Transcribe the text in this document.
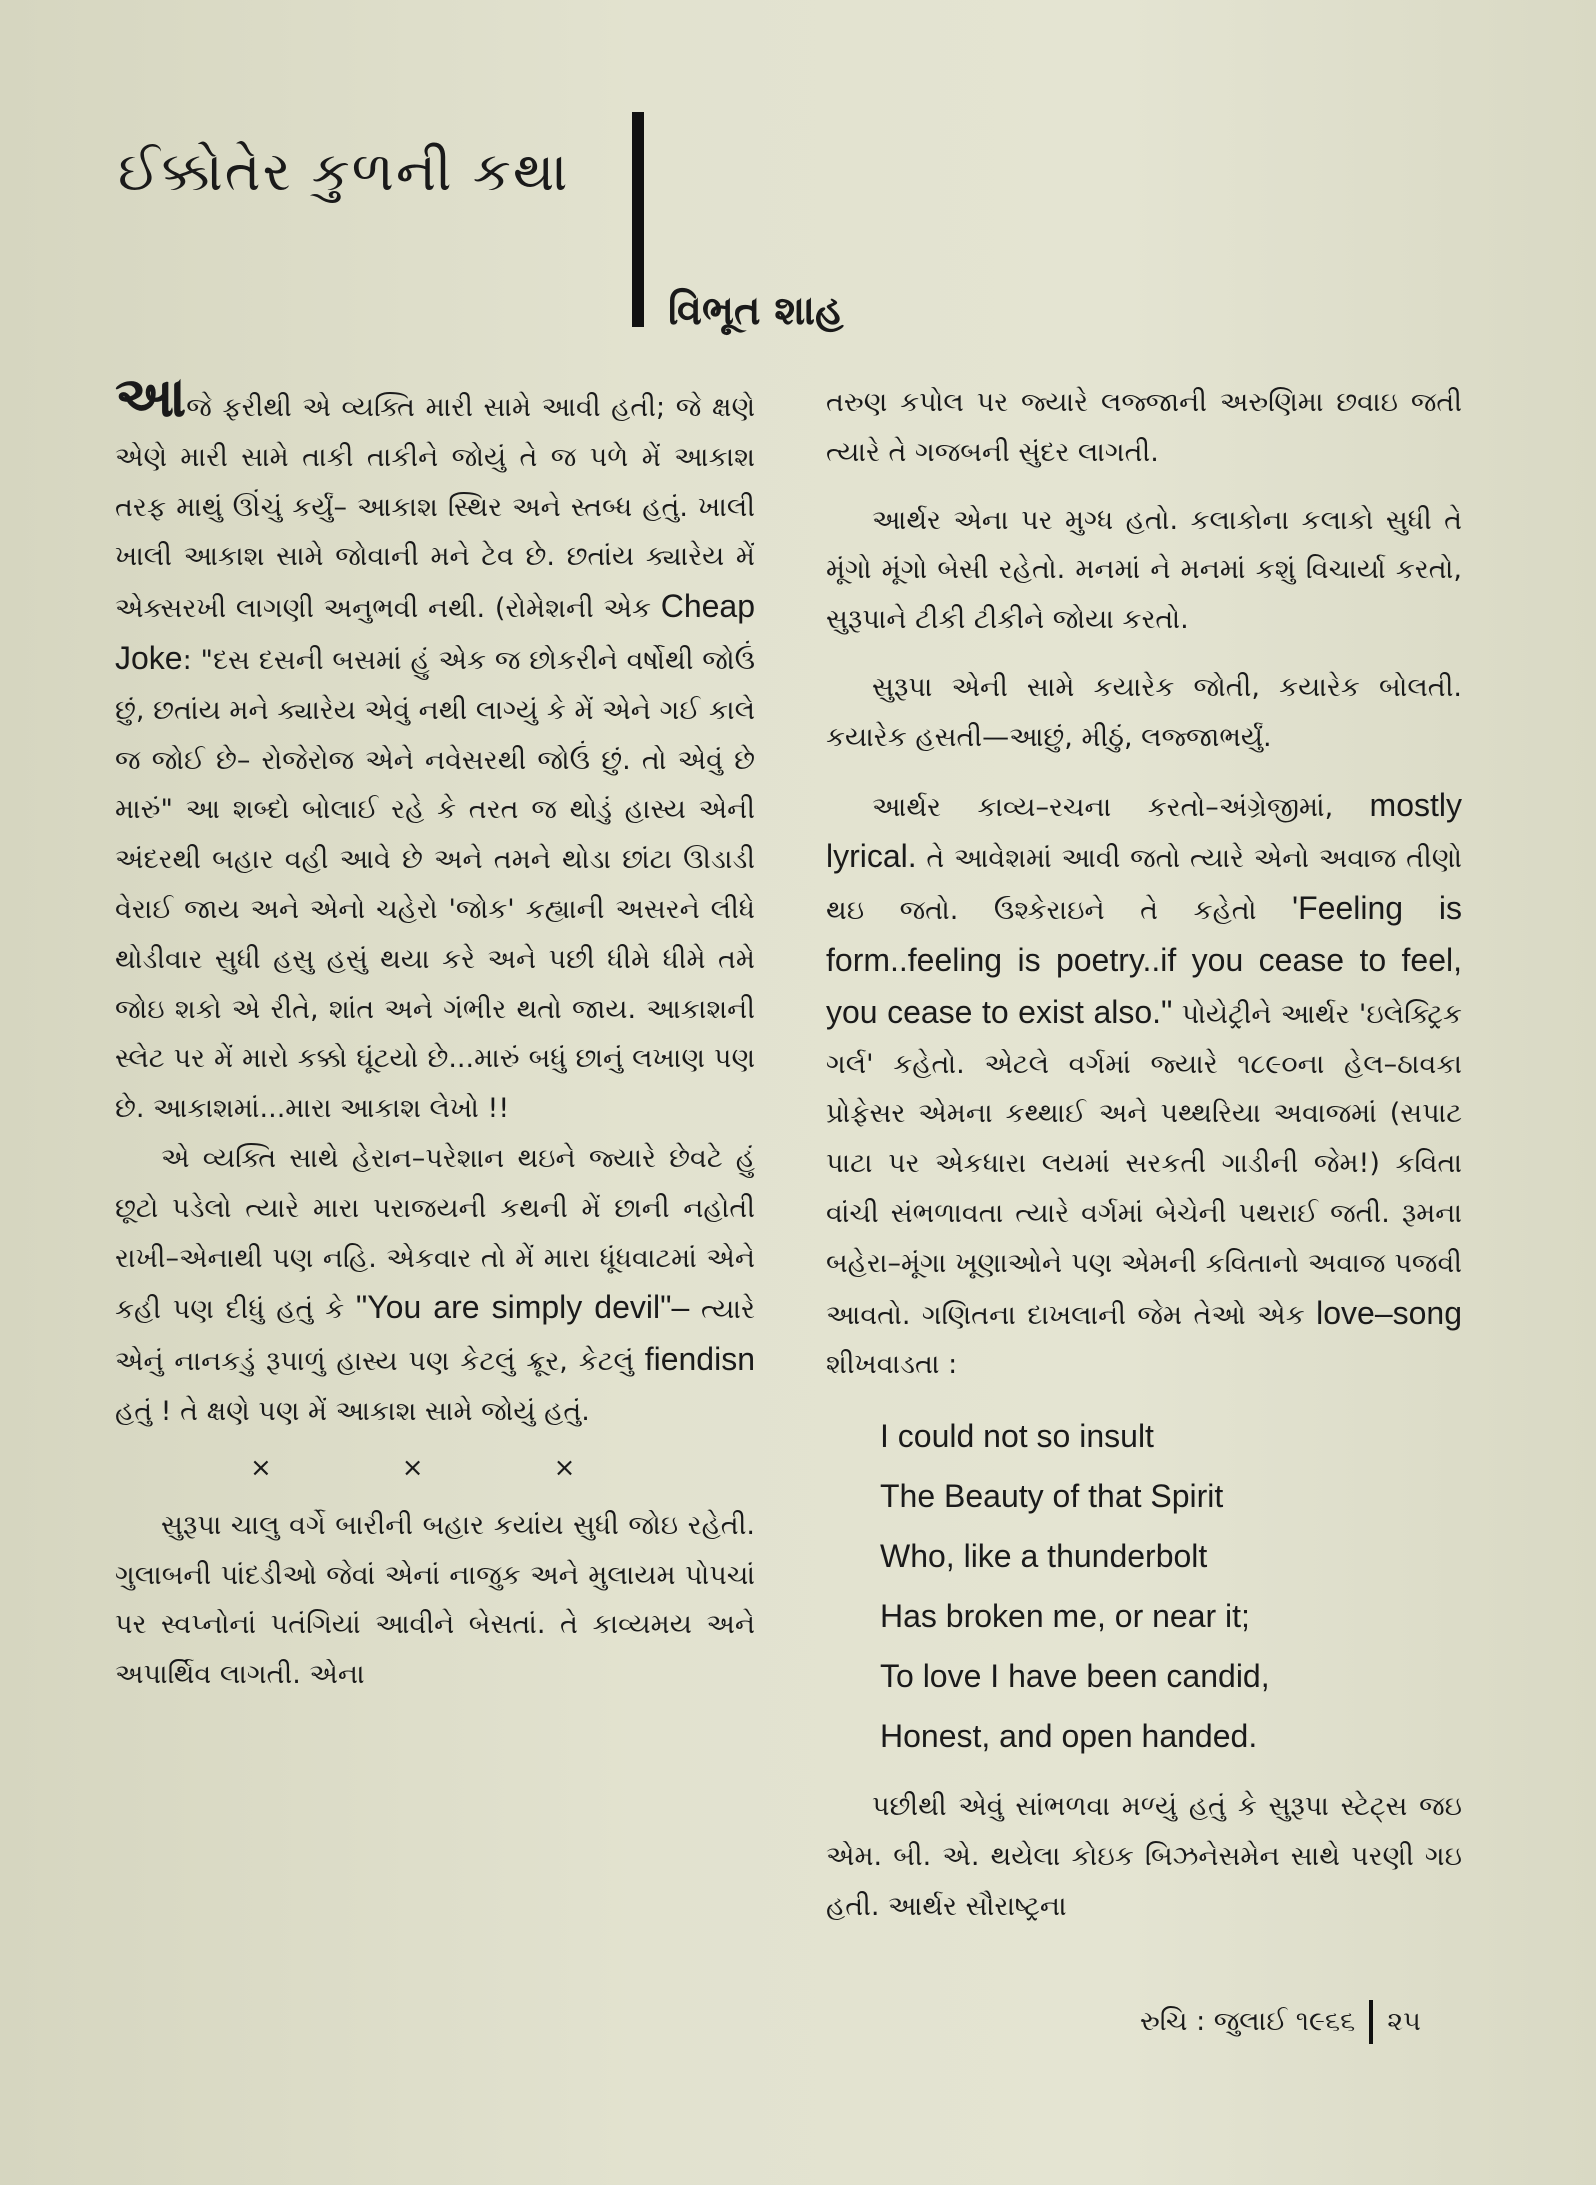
ઈક્કોતેર કુળની કથા
વિભૂત શાહ

આજે ફરીથી એ વ્યક્તિ મારી સામે આવી હતી; જે ક્ષણે એણે મારી સામે તાકી તાકીને જોયું તે જ પળે મેં આકાશ તરફ માથું ઊંચું કર્યું– આકાશ સ્થિર અને સ્તબ્ધ હતું. ખાલી ખાલી આકાશ સામે જોવાની મને ટેવ છે. છતાંય ક્યારેય મેં એક્સરખી લાગણી અનુભવી નથી. (રોમેશની એક Cheap Joke: "દસ દસની બસમાં હું એક જ છોકરીને વર્ષોથી જોઉં છું, છતાંય મને ક્યારેય એવું નથી લાગ્યું કે મેં એને ગઈ કાલે જ જોઈ છે– રોજેરોજ એને નવેસરથી જોઉં છું. તો એવું છે મારું" આ શબ્દો બોલાઈ રહે કે તરત જ થોડું હાસ્ય એની અંદરથી બહાર વહી આવે છે અને તમને થોડા છાંટા ઊડાડી વેરાઈ જાય અને એનો ચહેરો 'જોક' કહ્યાની અસરને લીધે થોડીવાર સુધી હસુ હસું થયા કરે અને પછી ધીમે ધીમે તમે જોઇ શકો એ રીતે, શાંત અને ગંભીર થતો જાય. આકાશની સ્લેટ પર મેં મારો કક્કો ઘૂંટયો છે...મારું બધું છાનું લખાણ પણ છે. આકાશમાં...મારા આકાશ લેખો !!

એ વ્યક્તિ સાથે હેરાન–પરેશાન થઇને જ્યારે છેવટે હું છૂટો પડેલો ત્યારે મારા પરાજયની કથની મેં છાની નહોતી રાખી–એનાથી પણ નહિ. એકવાર તો મેં મારા ધૂંધવાટમાં એને કહી પણ દીધું હતું કે "You are simply devil"– ત્યારે એનું નાનકડું રૂપાળું હાસ્ય પણ કેટલું ક્રૂર, કેટલું fiendisn હતું ! તે ક્ષણે પણ મેં આકાશ સામે જોયું હતું.

×	×	×

સુરૂપા ચાલુ વર્ગે બારીની બહાર કયાંય સુધી જોઇ રહેતી. ગુલાબની પાંદડીઓ જેવાં એનાં નાજુક અને મુલાયમ પોપચાં પર સ્વપ્નોનાં પતંગિયાં આવીને બેસતાં. તે કાવ્યમય અને અપાર્થિવ લાગતી. એના

તરુણ કપોલ પર જ્યારે લજ્જાની અરુણિમા છવાઇ જતી ત્યારે તે ગજબની સુંદર લાગતી.

આર્થર એના પર મુગ્ધ હતો. કલાકોના કલાકો સુધી તે મૂંગો મૂંગો બેસી રહેતો. મનમાં ને મનમાં કશું વિચાર્યા કરતો, સુરૂપાને ટીકી ટીકીને જોયા કરતો.

સુરૂપા એની સામે કયારેક જોતી, કયારેક બોલતી. કયારેક હસતી—આછું, મીઠું, લજ્જાભર્યું.

આર્થર કાવ્ય–રચના કરતો–અંગ્રેજીમાં, mostly lyrical. તે આવેશમાં આવી જતો ત્યારે એનો અવાજ તીણો થઇ જતો. ઉશ્કેરાઇને તે કહેતો 'Feeling is form..feeling is poetry..if you cease to feel, you cease to exist also." પોયેટ્રીને આર્થર 'ઇલેક્ટ્રિક ગર્લ' કહેતો. એટલે વર્ગમાં જ્યારે ૧૮૯૦ના હેલ–ઠાવકા પ્રોફેસર એમના કથ્થાઈ અને પથ્થરિયા અવાજમાં (સપાટ પાટા પર એકધારા લયમાં સરકતી ગાડીની જેમ!) કવિતા વાંચી સંભળાવતા ત્યારે વર્ગમાં બેચેની પથરાઈ જતી. રૂમના બહેરા–મૂંગા ખૂણાઓને પણ એમની કવિતાનો અવાજ પજવી આવતો. ગણિતના દાખલાની જેમ તેઓ એક love–song શીખવાડતા :

I could not so insult
The Beauty of that Spirit
Who, like a thunderbolt
Has broken me, or near it;
To love I have been candid,
Honest, and open handed.

પછીથી એવું સાંભળવા મળ્યું હતું કે સુરૂપા સ્ટેટ્સ જઇ એમ. બી. એ. થયેલા કોઇક બિઝનેસમેન સાથે પરણી ગઇ હતી. આર્થર સૌરાષ્ટ્રના

રુચિ : જુલાઈ ૧૯૬૬ ૨૫
